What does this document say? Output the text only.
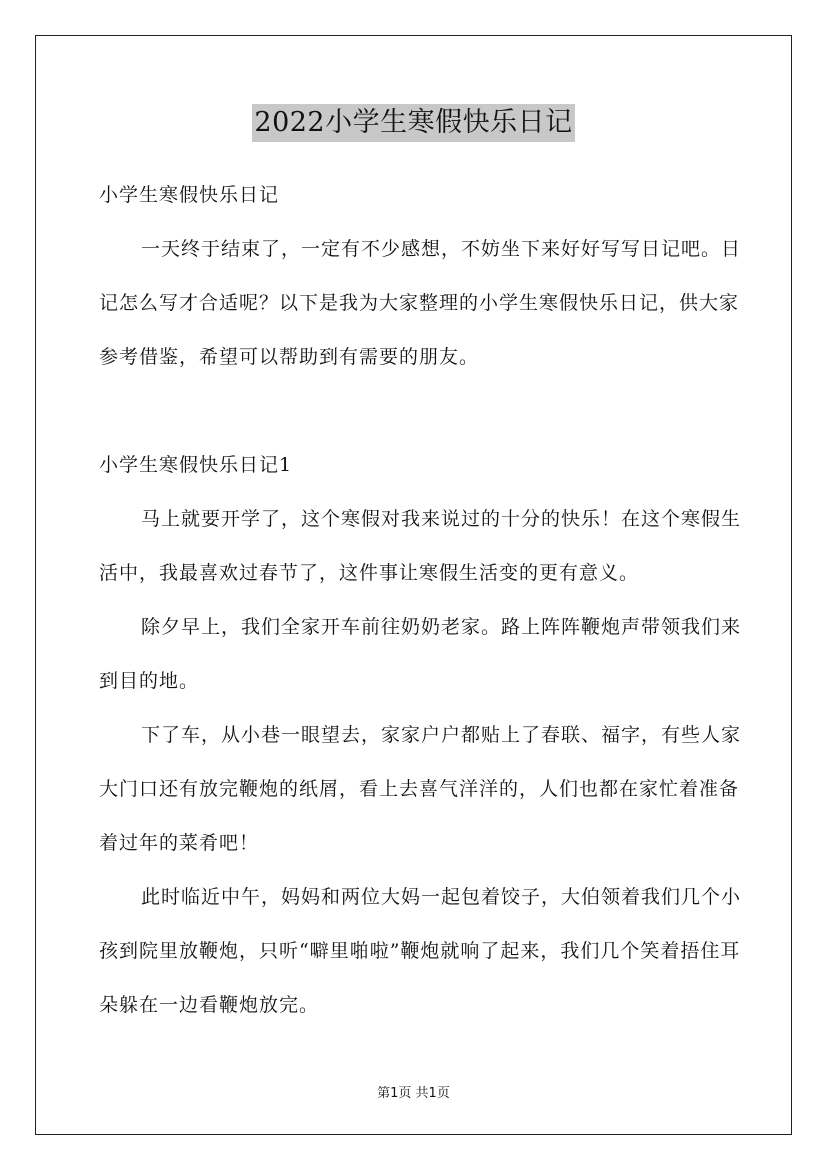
2022小学生寒假快乐日记

小学生寒假快乐日记

一天终于结束了，一定有不少感想，不妨坐下来好好写写日记吧。日记怎么写才合适呢？以下是我为大家整理的小学生寒假快乐日记，供大家参考借鉴，希望可以帮助到有需要的朋友。

小学生寒假快乐日记1

马上就要开学了，这个寒假对我来说过的十分的快乐！在这个寒假生活中，我最喜欢过春节了，这件事让寒假生活变的更有意义。

除夕早上，我们全家开车前往奶奶老家。路上阵阵鞭炮声带领我们来到目的地。

下了车，从小巷一眼望去，家家户户都贴上了春联、福字，有些人家大门口还有放完鞭炮的纸屑，看上去喜气洋洋的，人们也都在家忙着准备着过年的菜肴吧！

此时临近中午，妈妈和两位大妈一起包着饺子，大伯领着我们几个小孩到院里放鞭炮，只听“噼里啪啦”鞭炮就响了起来，我们几个笑着捂住耳朵躲在一边看鞭炮放完。

第1页 共1页
